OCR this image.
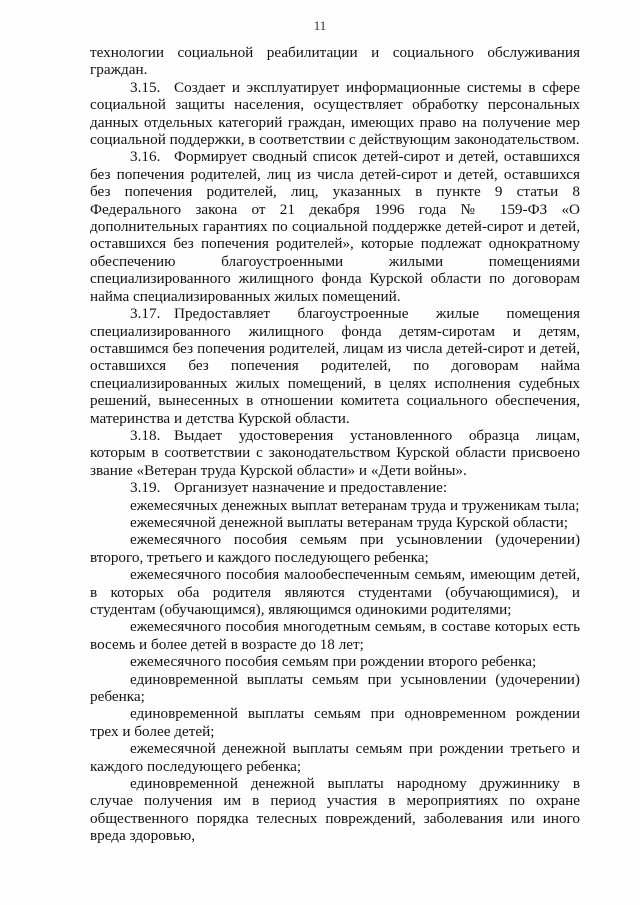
11

технологии социальной реабилитации и социального обслуживания граждан.

3.15. Создает и эксплуатирует информационные системы в сфере социальной защиты населения, осуществляет обработку персональных данных отдельных категорий граждан, имеющих право на получение мер социальной поддержки, в соответствии с действующим законодательством.

3.16. Формирует сводный список детей-сирот и детей, оставшихся без попечения родителей, лиц из числа детей-сирот и детей, оставшихся без попечения родителей, лиц, указанных в пункте 9 статьи 8 Федерального закона от 21 декабря 1996 года № 159-ФЗ «О дополнительных гарантиях по социальной поддержке детей-сирот и детей, оставшихся без попечения родителей», которые подлежат однократному обеспечению благоустроенными жилыми помещениями специализированного жилищного фонда Курской области по договорам найма специализированных жилых помещений.

3.17. Предоставляет благоустроенные жилые помещения специализированного жилищного фонда детям-сиротам и детям, оставшимся без попечения родителей, лицам из числа детей-сирот и детей, оставшихся без попечения родителей, по договорам найма специализированных жилых помещений, в целях исполнения судебных решений, вынесенных в отношении комитета социального обеспечения, материнства и детства Курской области.

3.18. Выдает удостоверения установленного образца лицам, которым в соответствии с законодательством Курской области присвоено звание «Ветеран труда Курской области» и «Дети войны».

3.19. Организует назначение и предоставление:

ежемесячных денежных выплат ветеранам труда и труженикам тыла;

ежемесячной денежной выплаты ветеранам труда Курской области;

ежемесячного пособия семьям при усыновлении (удочерении) второго, третьего и каждого последующего ребенка;

ежемесячного пособия малообеспеченным семьям, имеющим детей, в которых оба родителя являются студентами (обучающимися), и студентам (обучающимся), являющимся одинокими родителями;

ежемесячного пособия многодетным семьям, в составе которых есть восемь и более детей в возрасте до 18 лет;

ежемесячного пособия семьям при рождении второго ребенка;

единовременной выплаты семьям при усыновлении (удочерении) ребенка;

единовременной выплаты семьям при одновременном рождении трех и более детей;

ежемесячной денежной выплаты семьям при рождении третьего и каждого последующего ребенка;

единовременной денежной выплаты народному дружиннику в случае получения им в период участия в мероприятиях по охране общественного порядка телесных повреждений, заболевания или иного вреда здоровью,
